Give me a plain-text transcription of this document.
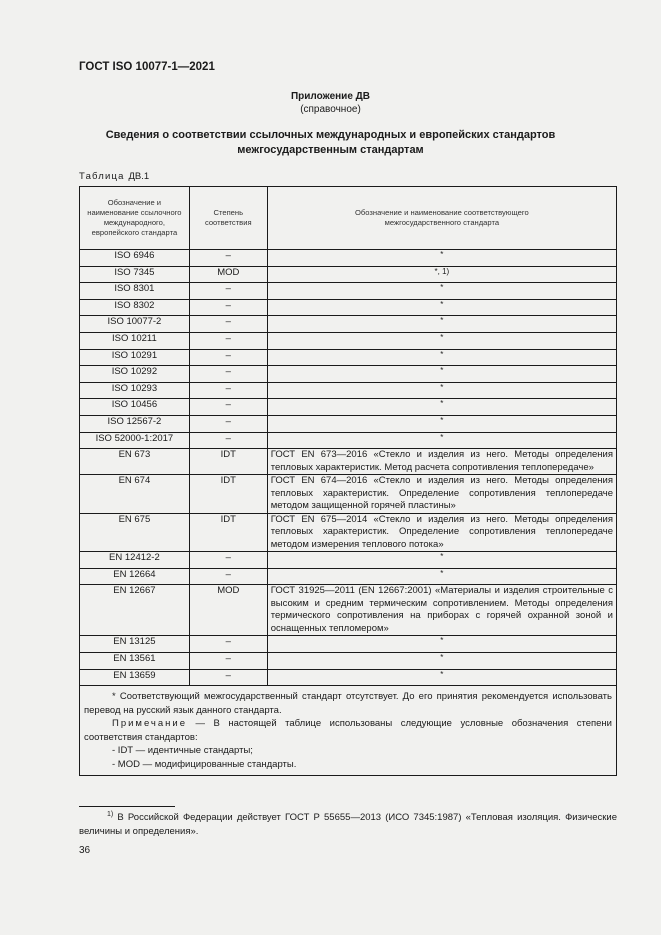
ГОСТ ISO 10077-1—2021
Приложение ДВ
(справочное)
Сведения о соответствии ссылочных международных и европейских стандартов
межгосударственным стандартам
Таблица ДВ.1
Обозначение и наименование ссылочного международного, европейского стандарта	Степень соответствия	Обозначение и наименование соответствующего межгосударственного стандарта
ISO 6946	–	*
ISO 7345	MOD	*, 1)
ISO 8301	–	*
ISO 8302	–	*
ISO 10077-2	–	*
ISO 10211	–	*
ISO 10291	–	*
ISO 10292	–	*
ISO 10293	–	*
ISO 10456	–	*
ISO 12567-2	–	*
ISO 52000-1:2017	–	*
EN 673	IDT	ГОСТ EN 673—2016 «Стекло и изделия из него. Методы определения тепловых характеристик. Метод расчета сопротивления теплопередаче»
EN 674	IDT	ГОСТ EN 674—2016 «Стекло и изделия из него. Методы определения тепловых характеристик. Определение сопротивления теплопередаче методом защищенной горячей пластины»
EN 675	IDT	ГОСТ EN 675—2014 «Стекло и изделия из него. Методы определения тепловых характеристик. Определение сопротивления теплопередаче методом измерения теплового потока»
EN 12412-2	–	*
EN 12664	–	*
EN 12667	MOD	ГОСТ 31925—2011 (EN 12667:2001) «Материалы и изделия строительные с высоким и средним термическим сопротивлением. Методы определения термического сопротивления на приборах с горячей охранной зоной и оснащенных тепломером»
EN 13125	–	*
EN 13561	–	*
EN 13659	–	*

* Соответствующий межгосударственный стандарт отсутствует. До его принятия рекомендуется использовать перевод на русский язык данного стандарта.
Примечание — В настоящей таблице использованы следующие условные обозначения степени соответствия стандартов:
- IDT — идентичные стандарты;
- MOD — модифицированные стандарты.		
$^{1)}$ В Российской Федерации действует ГОСТ Р 55655—2013 (ИСО 7345:1987) «Тепловая изоляция. Физические величины и определения».
36
